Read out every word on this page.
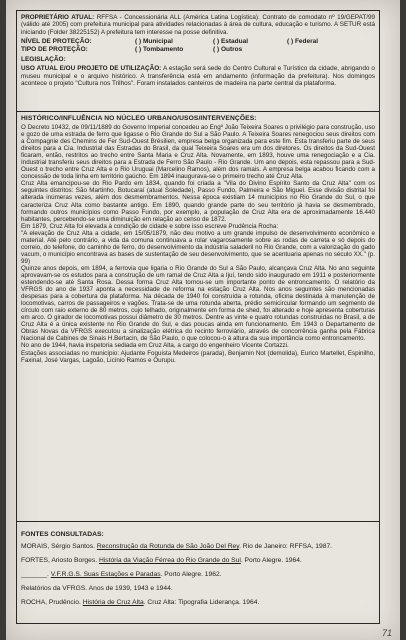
PROPRIETÁRIO ATUAL: RFFSA - Concessionária ALL (América Latina Logística). Contrato de comodato nº 19/GEPAT/99 (válido até 2005) com prefeitura municipal para atividades relacionadas à área de cultura, educação e turismo. A SETUR está iniciando (Folder 38225152) A prefeitura tem interesse na posse definitiva.

NÍVEL DE PROTEÇÃO:	( ) Municipal	( ) Estadual	( ) Federal
TIPO DE PROTEÇÃO:	( ) Tombamento	( ) Outros
LEGISLAÇÃO:

USO ATUAL E/OU PROJETO DE UTILIZAÇÃO: A estação será sede do Centro Cultural e Turístico da cidade, abrigando o museu municipal e o arquivo histórico. A transferência está em andamento (informação da prefeitura). Nos domingos acontece o projeto "Cultura nos Trilhos". Foram instalados canteiros de madeira na parte central da plataforma.

HISTÓRICO/INFLUÊNCIA NO NÚCLEO URBANO/USOS/INTERVENÇÕES:

O Decreto 10432, de 09/11/1889 do Governo Imperial concedeu ao Engº João Teixeira Soares o privilégio para construção, uso e gozo de uma estrada de ferro que ligasse o Rio Grande do Sul a São Paulo. A Teixeira Soares renegociou seus direitos com a Compagnie des Chemins de Fer Sud-Ouest Brésilien, empresa belga organizada para este fim. Esta transferiu parte de seus direitos para a Cia. Industrial das Estradas do Brasil, da qual Teixeira Soares era um dos diretores. Os direitos da Sud-Ouest ficaram, então, restritos ao trecho entre Santa Maria e Cruz Alta. Novamente, em 1893, houve uma renegociação e a Cia. Industrial transferiu seus direitos para a Estrada de Ferro São Paulo - Rio Grande. Um ano depois, esta repassou para a Sud-Ouest o trecho entre Cruz Alta e o Rio Uruguai (Marcelino Ramos), além dos ramais. A empresa belga acabou ficando com a concessão de toda linha em território gaúcho. Em 1894 inaugurava-se o primeiro trecho até Cruz Alta.

Cruz Alta emancipou-se do Rio Pardo em 1834, quando foi criada a "Vila do Divino Espírito Santo da Cruz Alta" com os seguintes distritos: São Martinho, Botucaraí (atual Soledade), Passo Fundo, Palmeira e São Miguel. Esse divisão distrital foi alterada inúmeras vezes, além dos desmembramentos. Nessa época existiam 14 municípios no Rio Grande do Sul, o que caracteriza Cruz Alta como bastante antigo. Em 1890, quando grande parte do seu território já havia se desmembrado, formando outros municípios como Passo Fundo, por exemplo, a população de Cruz Alta era de aproximadamente 16.440 habitantes, percebendo-se uma diminuição em relação ao censo de 1872.

Em 1879, Cruz Alta foi elevada à condição de cidade e sobre isso escreve Prudência Rocha:

"A elevação de Cruz Alta a cidade, em 15/05/1879, não deu motivo a um grande impulso de desenvolvimento econômico e material. Até pelo contrário, a vida da comuna continuava a rolar vagarosamente sobre as rodas de carreta e só depois do correio, do telefone, do caminho de ferro, do desenvolvimento da indústria saladeril no Rio Grande, com a valorização do gado vacum, o município encontrava as bases de sustentação de seu desenvolvimento, que se acentuaria apenas no século XX." (p. 99)

Quinze anos depois, em 1894, a ferrovia que ligaria o Rio Grande do Sul a São Paulo, alcançava Cruz Alta. No ano seguinte aprovavam-se os estudos para a construção de um ramal de Cruz Alta a Ijuí, tendo sido inaugurado em 1911 e posteriormente estendendo-se até Santa Rosa. Dessa forma Cruz Alta tornou-se um importante ponto de entroncamento. O relatório da VFRGS do ano de 1937 aponta a necessidade de reforma na estação Cruz Alta. Nos anos seguintes são mencionadas despesas para a cobertura da plataforma. Na década de 1940 foi construída a rotunda, oficina destinada à manutenção de locomotivas, carros de passageiros e vagões. Trata-se de uma rotunda aberta, prédio semicircular formando um segmento de círculo com raio externo de 80 metros, cujo telhado, originalmente em forma de shed, foi alterado e hoje apresenta coberturas em arco. O girador de locomotivas possui diâmetro de 30 metros. Dentre as vinte e quatro rotundas construídas no Brasil, a de Cruz Alta é a única existente no Rio Grande do Sul, e das poucas ainda em funcionamento. Em 1943 o Departamento de Obras Novas da VFRGS executou a sinalização elétrica do recinto ferroviário, através de concorrência ganha pela Fábrica Nacional de Cabines de Sinais H.Bertacin, de São Paulo, o que colocou-o à altura da sua importância como entroncamento.

No ano de 1944, havia inspetoria sediada em Cruz Alta, a cargo do engenheiro Vicente Cortazzi.

Estações associadas no município: Ajudante Foguista Medeiros (parada), Benjamin Not (demolida), Eurico Martellet, Espinilho, Faxinal, José Vargas, Lagoão, Licínio Ramos e Ourupu.

FONTES CONSULTADAS:

MORAIS, Sérgio Santos. Reconstrução da Rotunda de São João Del Rey. Rio de Janeiro: RFFSA, 1987.

FORTES, Ariosto Borges. História da Viação Férrea do Rio Grande do Sul. Porto Alegre. 1964.

_______. V.F.R.G.S. Suas Estações e Paradas. Porto Alegre. 1962.

Relatórios da VFRGS. Anos de 1939, 1943 e 1944.

ROCHA, Prudêncio. História de Cruz Alta. Cruz Alta: Tipografia Liderança. 1964.

71
